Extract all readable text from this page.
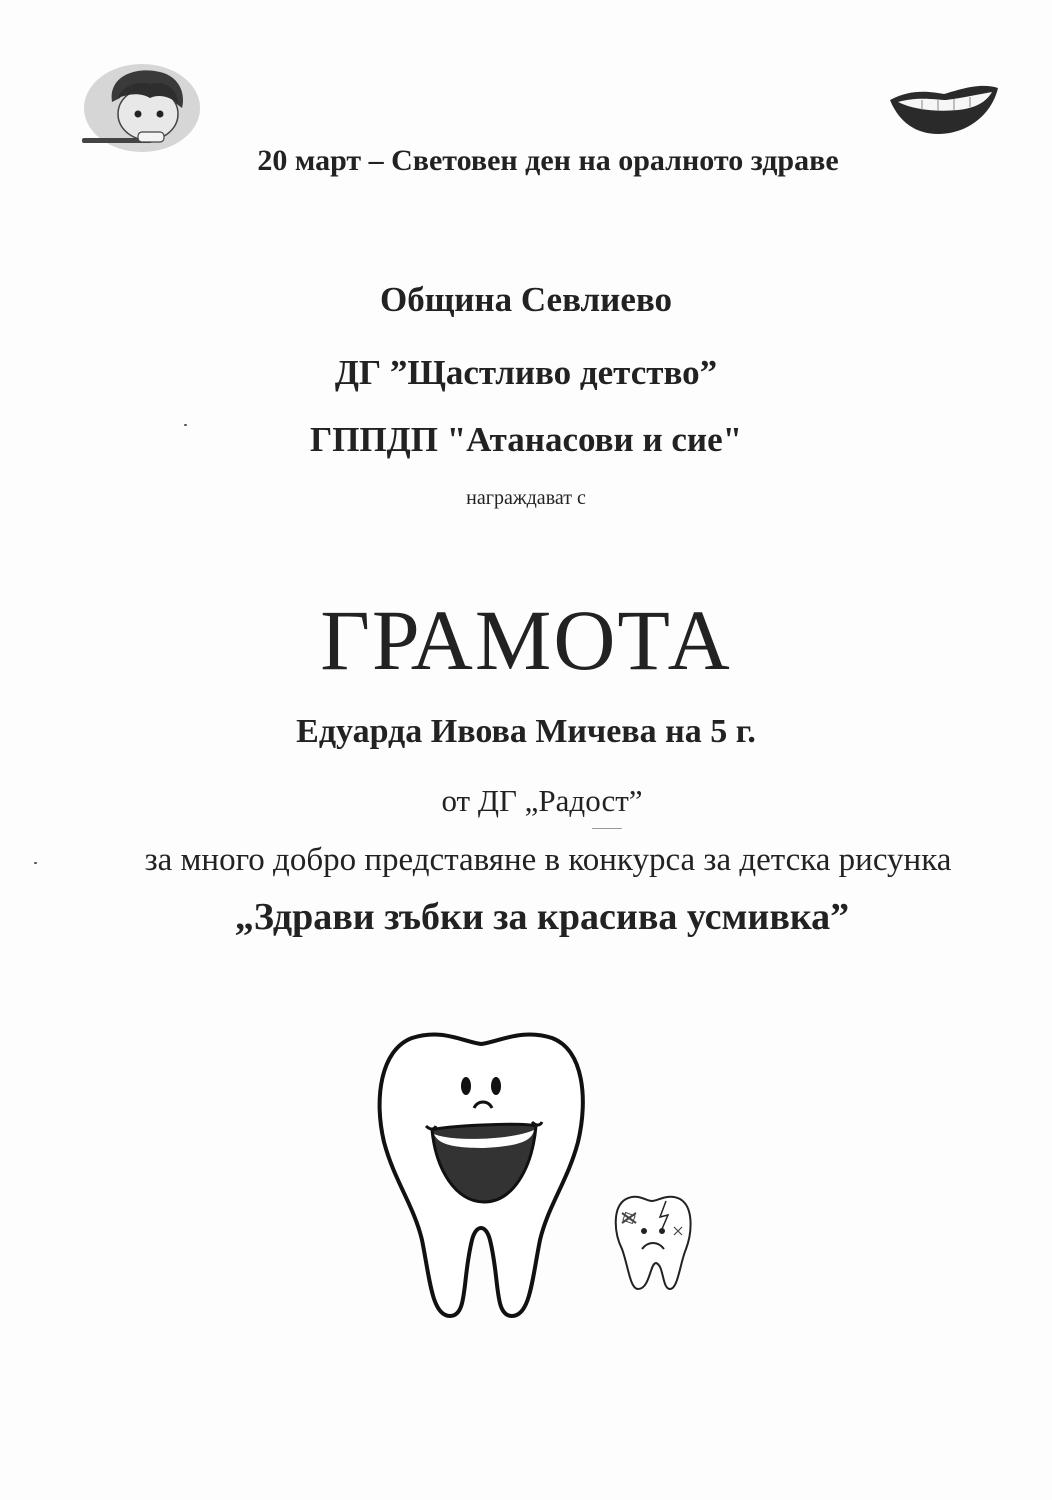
20 март – Световен ден на оралното здраве
Община Севлиево
ДГ ”Щастливо детство”
ГППДП "Атанасови и сие"
награждават с
ГРАМОТА
Едуарда Ивова Мичева на 5 г.
от ДГ „Радост”
за много добро представяне в конкурса за детска рисунка
„Здрави зъбки за красива усмивка”
